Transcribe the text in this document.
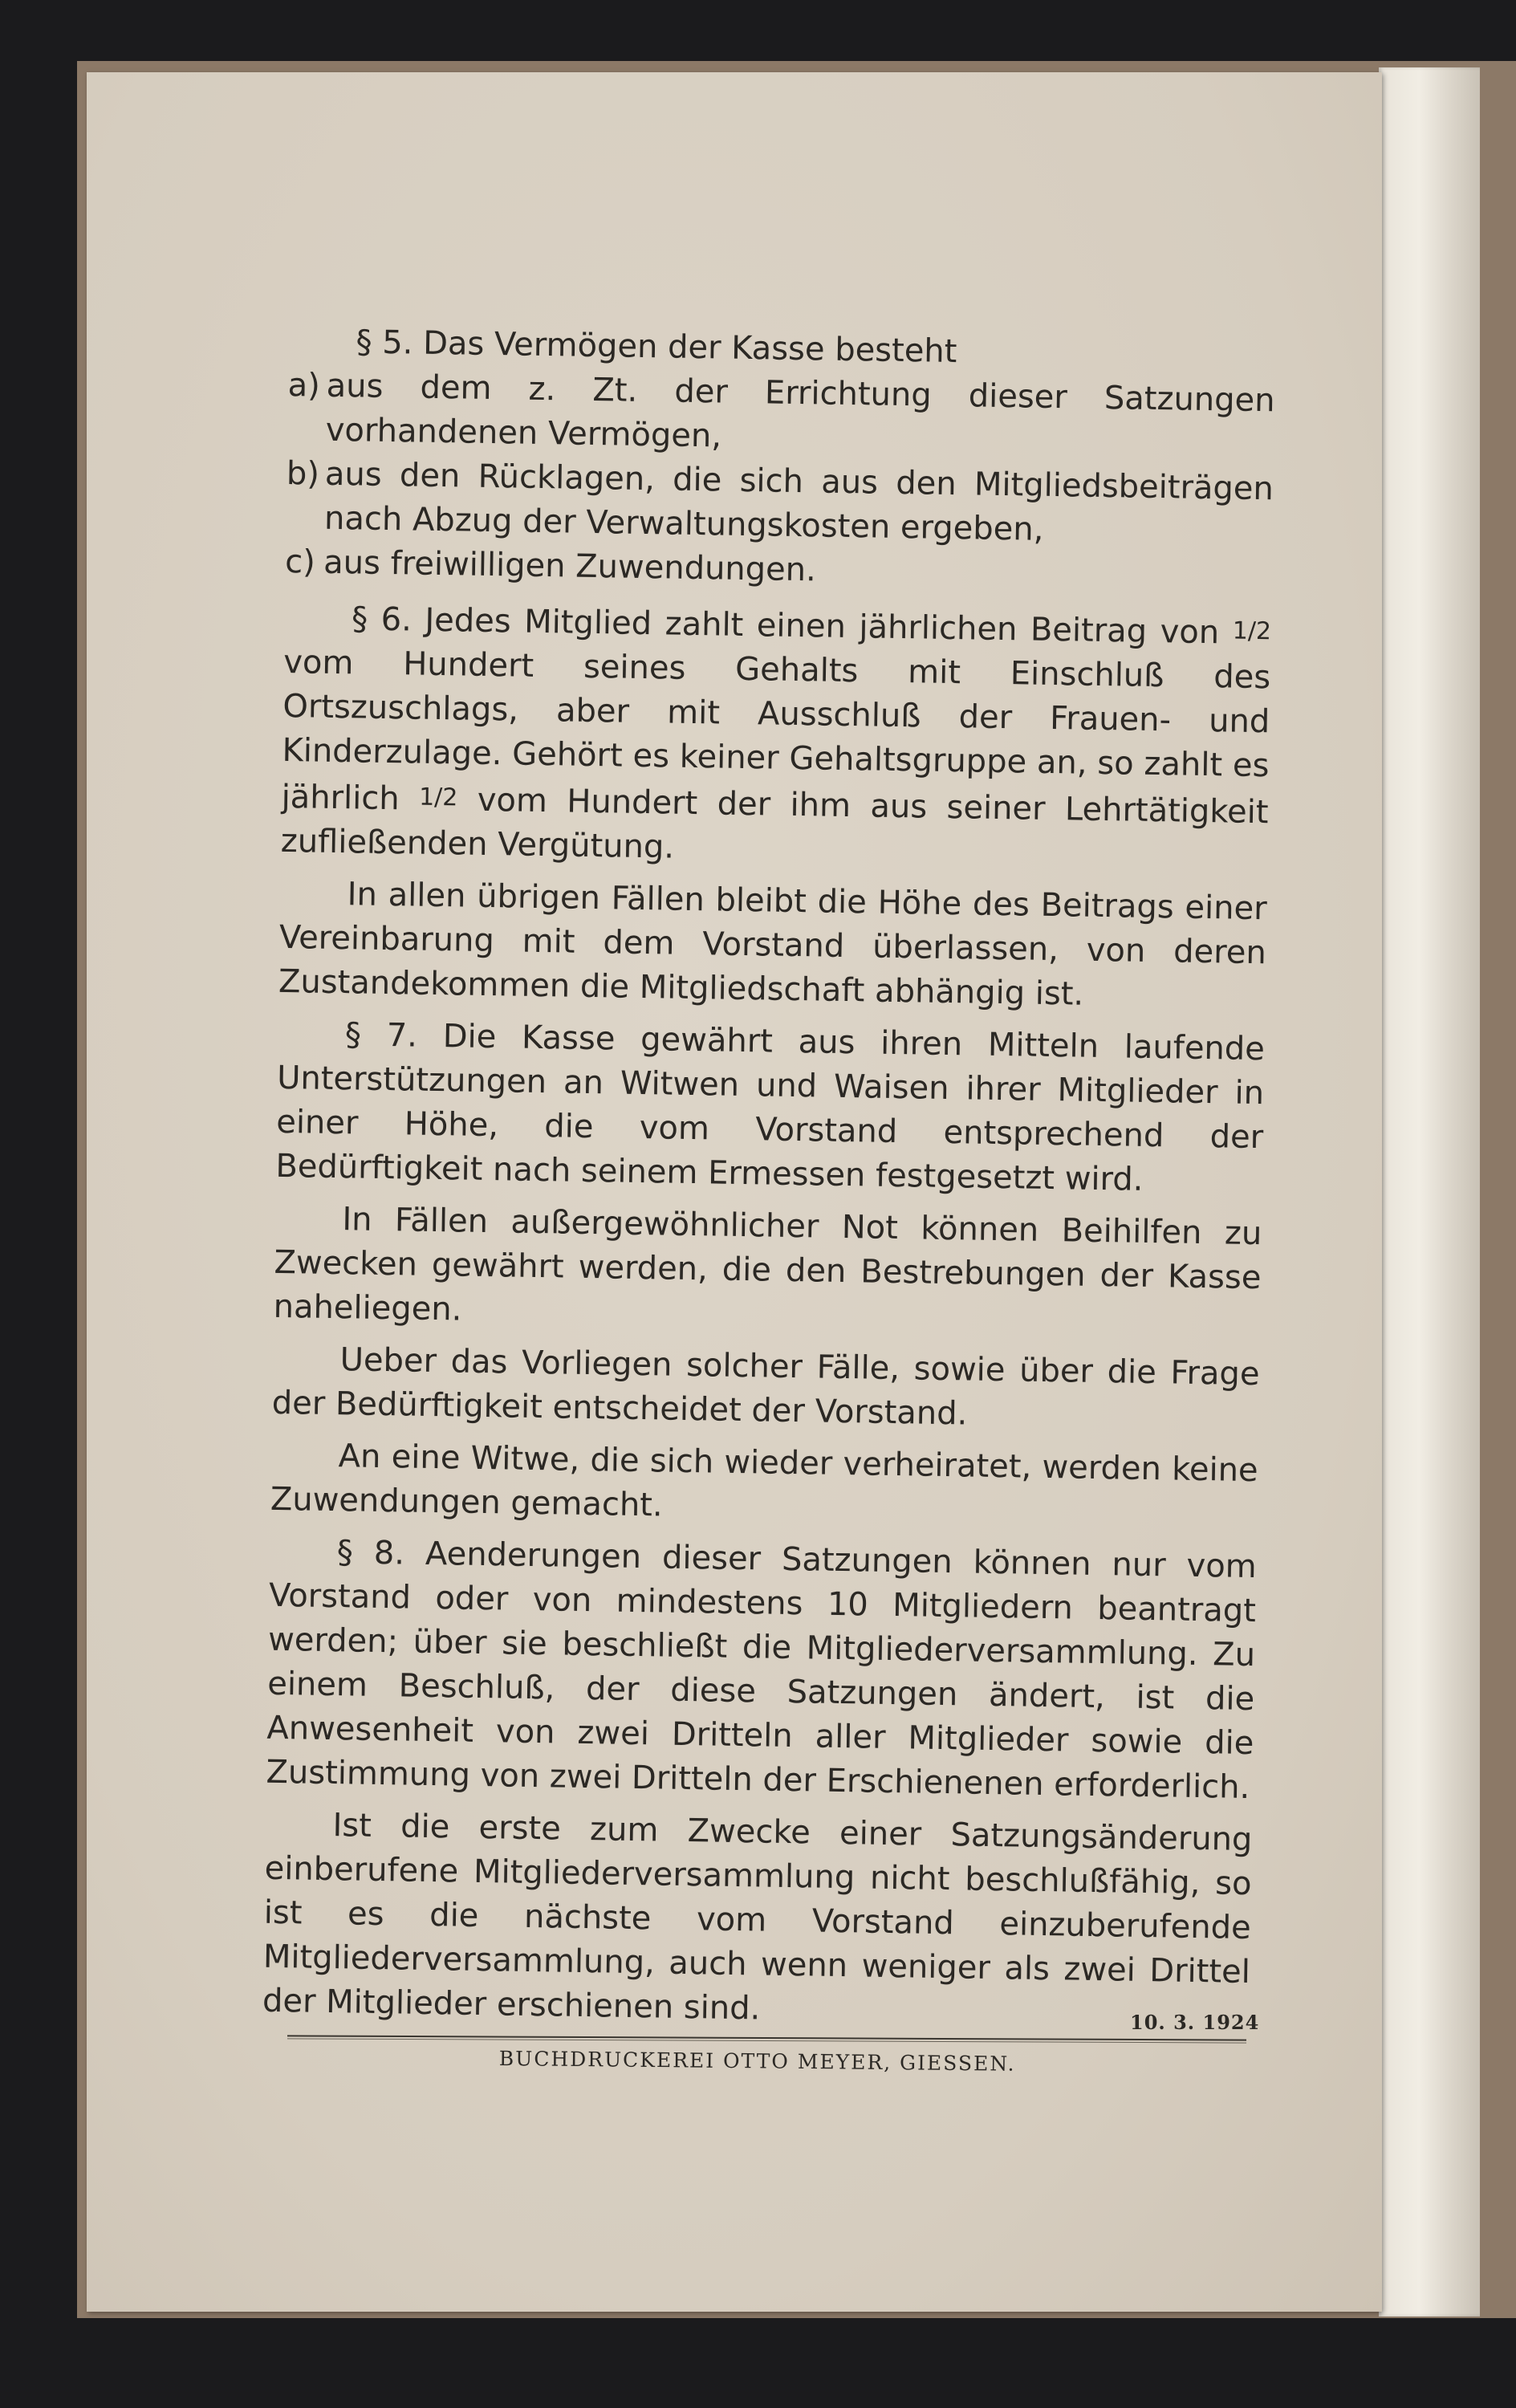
§ 5. Das Vermögen der Kasse besteht

a) aus dem z. Zt. der Errichtung dieser Satzungen vorhandenen Vermögen,
b) aus den Rücklagen, die sich aus den Mitgliedsbeiträgen nach Abzug der Verwaltungskosten ergeben,
c) aus freiwilligen Zuwendungen.

§ 6. Jedes Mitglied zahlt einen jährlichen Beitrag von 1/2 vom Hundert seines Gehalts mit Einschluß des Ortszuschlags, aber mit Ausschluß der Frauen- und Kinderzulage. Gehört es keiner Gehaltsgruppe an, so zahlt es jährlich 1/2 vom Hundert der ihm aus seiner Lehrtätigkeit zufließenden Vergütung.

In allen übrigen Fällen bleibt die Höhe des Beitrags einer Vereinbarung mit dem Vorstand überlassen, von deren Zustandekommen die Mitgliedschaft abhängig ist.

§ 7. Die Kasse gewährt aus ihren Mitteln laufende Unterstützungen an Witwen und Waisen ihrer Mitglieder in einer Höhe, die vom Vorstand entsprechend der Bedürftigkeit nach seinem Ermessen festgesetzt wird.

In Fällen außergewöhnlicher Not können Beihilfen zu Zwecken gewährt werden, die den Bestrebungen der Kasse naheliegen.

Ueber das Vorliegen solcher Fälle, sowie über die Frage der Bedürftigkeit entscheidet der Vorstand.

An eine Witwe, die sich wieder verheiratet, werden keine Zuwendungen gemacht.

§ 8. Aenderungen dieser Satzungen können nur vom Vorstand oder von mindestens 10 Mitgliedern beantragt werden; über sie beschließt die Mitgliederversammlung. Zu einem Beschluß, der diese Satzungen ändert, ist die Anwesenheit von zwei Dritteln aller Mitglieder sowie die Zustimmung von zwei Dritteln der Erschienenen erforderlich.

Ist die erste zum Zwecke einer Satzungsänderung einberufene Mitgliederversammlung nicht beschlußfähig, so ist es die nächste vom Vorstand einzuberufende Mitgliederversammlung, auch wenn weniger als zwei Drittel der Mitglieder erschienen sind.	10. 3. 1924
BUCHDRUCKEREI OTTO MEYER, GIESSEN.
